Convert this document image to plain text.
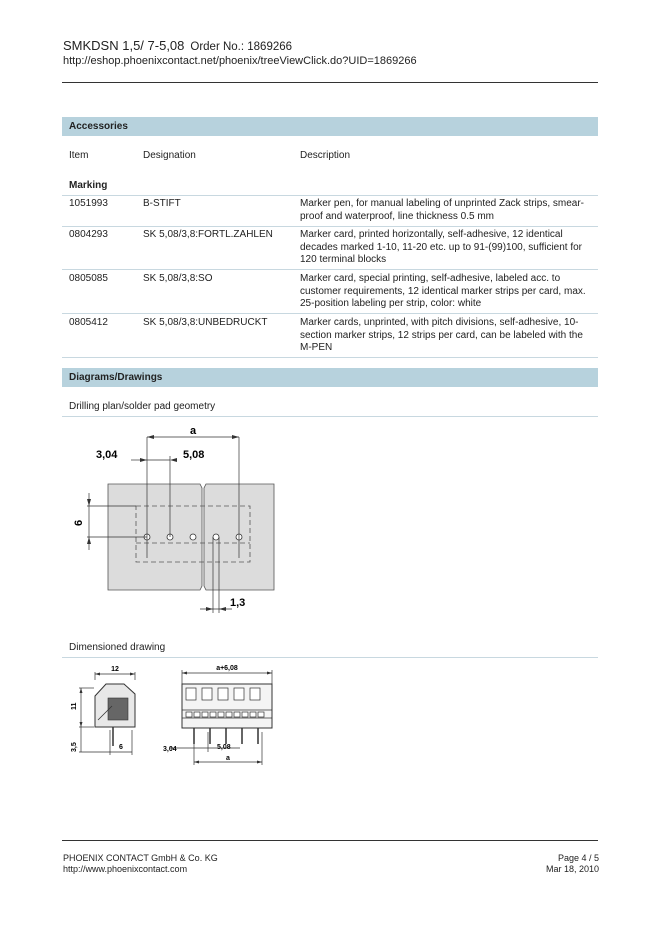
SMKDSN 1,5/ 7-5,08 Order No.: 1869266
http://eshop.phoenixcontact.net/phoenix/treeViewClick.do?UID=1869266
Accessories
Item	Designation	Description
Marking
1051993	B-STIFT	Marker pen, for manual labeling of unprinted Zack strips, smear-
proof and waterproof, line thickness 0.5 mm
0804293	SK 5,08/3,8:FORTL.ZAHLEN	Marker card, printed horizontally, self-adhesive, 12 identical
decades marked 1-10, 11-20 etc. up to 91-(99)100, sufficient for
120 terminal blocks
0805085	SK 5,08/3,8:SO	Marker card, special printing, self-adhesive, labeled acc. to
customer requirements, 12 identical marker strips per card, max.
25-position labeling per strip, color: white
0805412	SK 5,08/3,8:UNBEDRUCKT	Marker cards, unprinted, with pitch divisions, self-adhesive, 10-
section marker strips, 12 strips per card, can be labeled with the
M-PEN
Diagrams/Drawings
Drilling plan/solder pad geometry
a
3,04	5,08
6
1,3
Dimensioned drawing
12
11
3,5	6
a+6,08
3,04	5,08
a
PHOENIX CONTACT GmbH & Co. KG
http://www.phoenixcontact.com
Page 4 / 5
Mar 18, 2010
